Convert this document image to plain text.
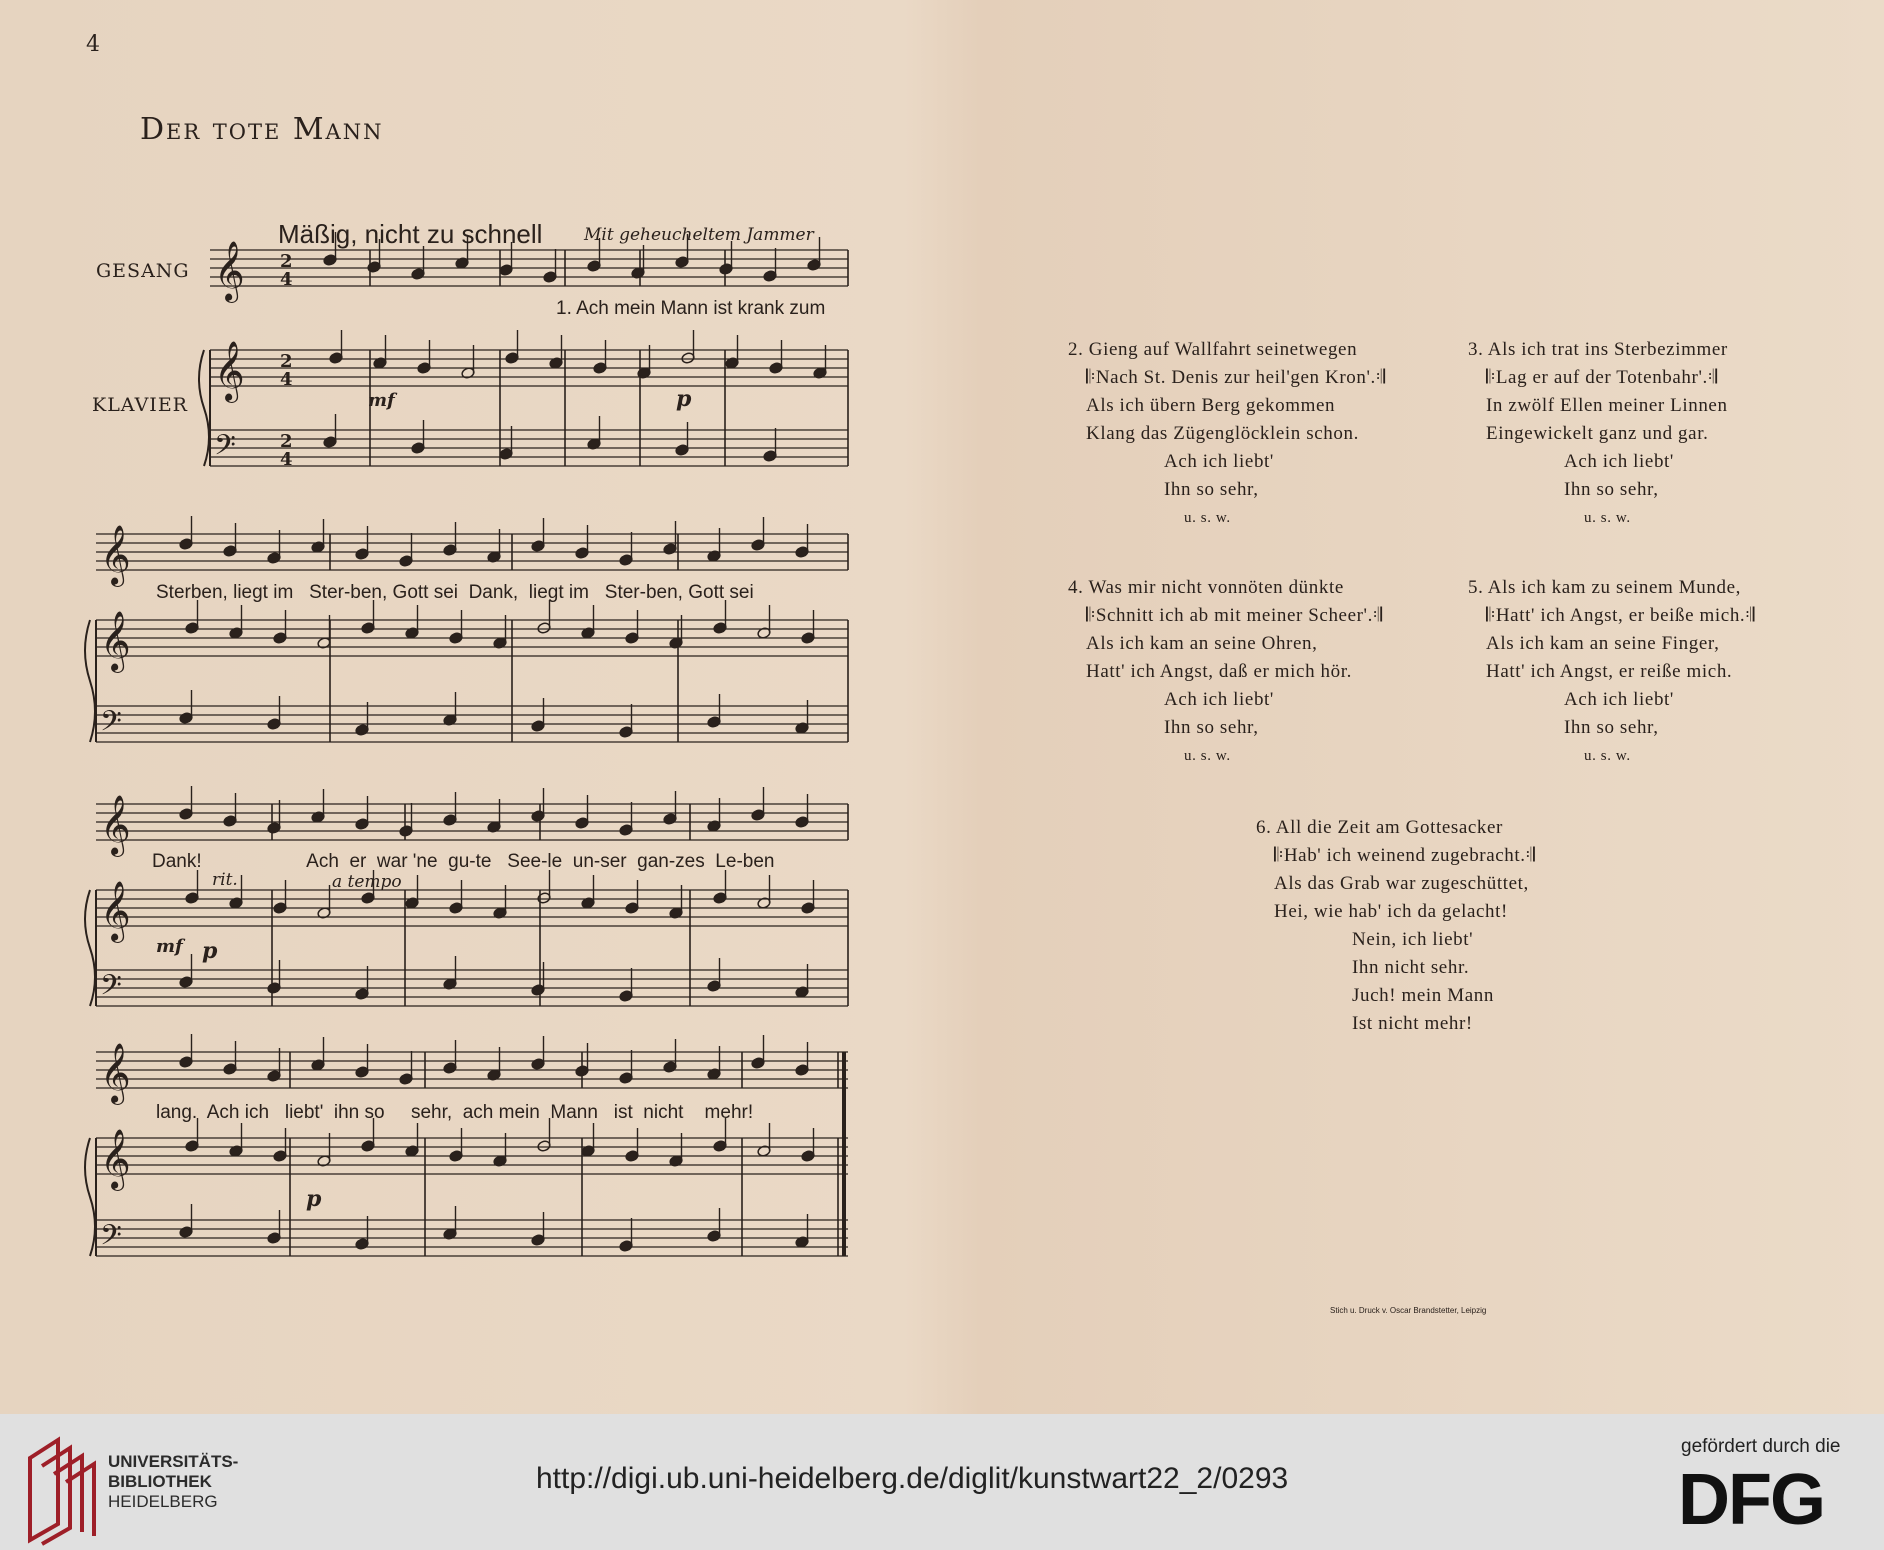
4
Der tote Mann
𝄞 2
4
𝄞 2
4
𝄢 2
4
𝄞
𝄞
𝄢
𝄞
𝄞
𝄢
𝄞
𝄞
𝄢
GESANG
KLAVIER
Mäßig, nicht zu schnell Mit geheucheltem Jammer
rit.	a tempo
mf	p
mf p
p
1. Ach mein Mann ist krank zum
Sterben, liegt im   Ster-ben, Gott sei  Dank,  liegt im   Ster-ben, Gott sei
Dank!                    Ach  er  war 'ne  gu-te   See-le  un-ser  gan-zes  Le-ben
lang.  Ach ich   liebt'  ihn so     sehr,  ach mein  Mann   ist  nicht    mehr!
2. Gieng auf Wallfahrt seinetwegen
𝄆Nach St. Denis zur heil'gen Kron'.𝄇
Als ich übern Berg gekommen
Klang das Zügenglöcklein schon.
Ach ich liebt'
Ihn so sehr,
u. s. w.
3. Als ich trat ins Sterbezimmer
𝄆Lag er auf der Totenbahr'.𝄇
In zwölf Ellen meiner Linnen
Eingewickelt ganz und gar.
Ach ich liebt'
Ihn so sehr,
u. s. w.
4. Was mir nicht vonnöten dünkte
𝄆Schnitt ich ab mit meiner Scheer'.𝄇
Als ich kam an seine Ohren,
Hatt' ich Angst, daß er mich hör.
Ach ich liebt'
Ihn so sehr,
u. s. w.
5. Als ich kam zu seinem Munde,
𝄆Hatt' ich Angst, er beiße mich.𝄇
Als ich kam an seine Finger,
Hatt' ich Angst, er reiße mich.
Ach ich liebt'
Ihn so sehr,
u. s. w.
6. All die Zeit am Gottesacker
𝄆Hab' ich weinend zugebracht.𝄇
Als das Grab war zugeschüttet,
Hei, wie hab' ich da gelacht!
Nein, ich liebt'
Ihn nicht sehr.
Juch! mein Mann
Ist nicht mehr!
Stich u. Druck v. Oscar Brandstetter, Leipzig
UNIVERSITÄTS-
BIBLIOTHEK
HEIDELBERG
http://digi.ub.uni-heidelberg.de/diglit/kunstwart22_2/0293
gefördert durch die
DFG
